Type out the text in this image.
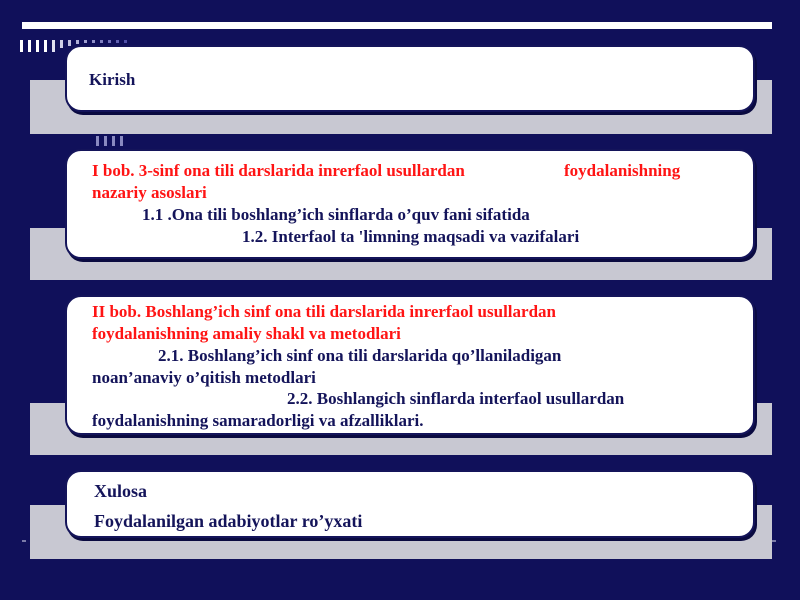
Kirish
I bob. 3-sinf ona tili darslarida inrerfaol usullardan	foydalanishning
nazariy asoslari
1.1 .Ona tili boshlang’ich sinflarda o’quv fani sifatida
1.2. Interfaol ta 'limning maqsadi va vazifalari
II bob. Boshlang’ich sinf ona tili darslarida inrerfaol usullardan
foydalanishning amaliy shakl va metodlari
2.1. Boshlang’ich sinf ona tili darslarida qo’llaniladigan
noan’anaviy o’qitish metodlari
2.2. Boshlangich sinflarda interfaol usullardan
foydalanishning samaradorligi va afzalliklari.
Xulosa
Foydalanilgan adabiyotlar ro’yxati
